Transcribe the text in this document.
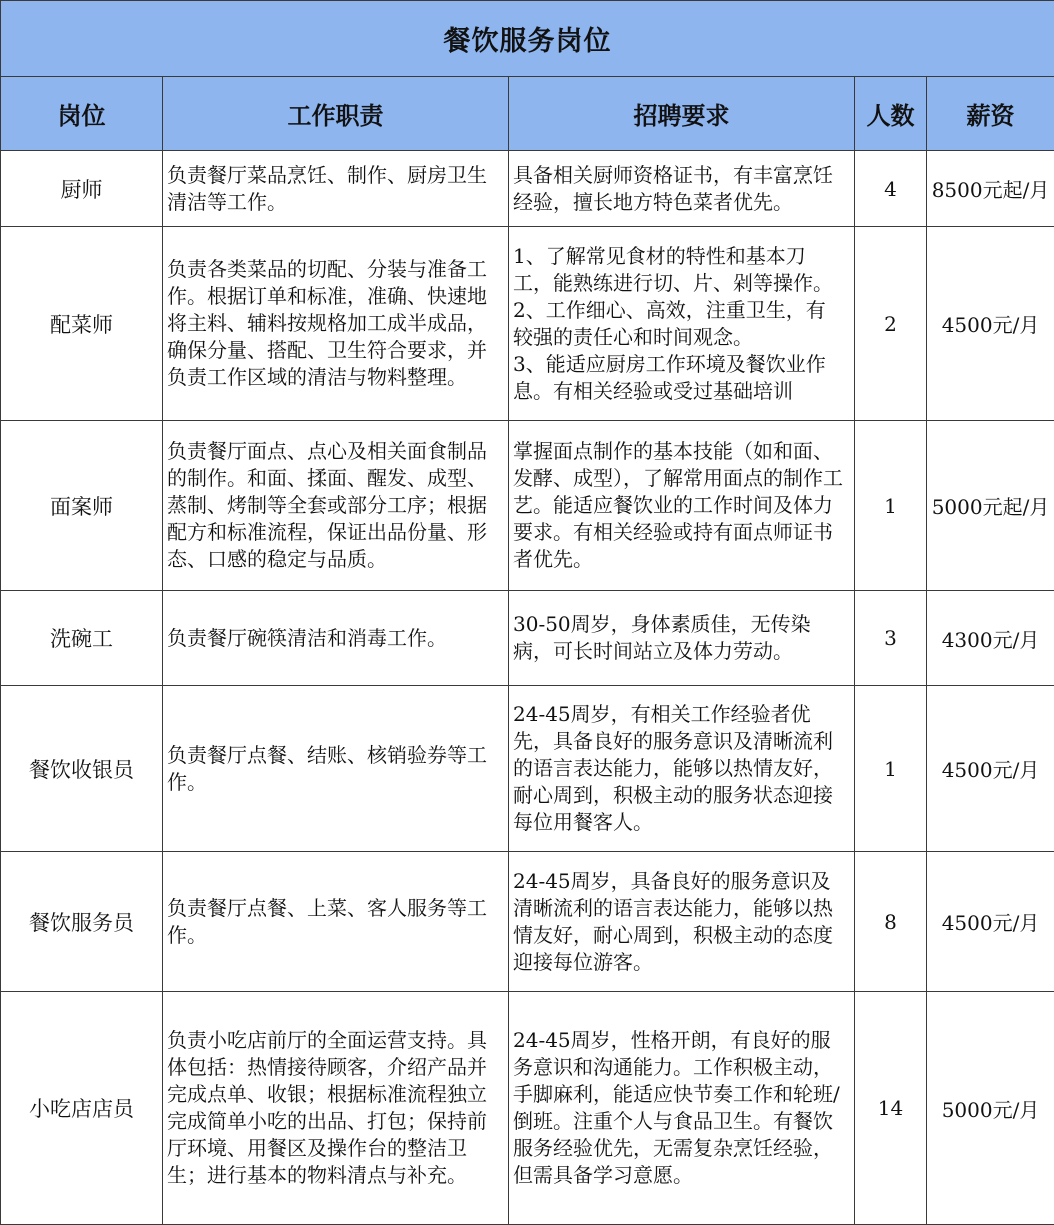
餐饮服务岗位				
岗位	工作职责	招聘要求	人数	薪资
厨师	负责餐厅菜品烹饪、制作、厨房卫生清洁等工作。	具备相关厨师资格证书，有丰富烹饪经验，擅长地方特色菜者优先。	4	8500元起/月
配菜师	负责各类菜品的切配、分装与准备工作。根据订单和标准，准确、快速地将主料、辅料按规格加工成半成品，确保分量、搭配、卫生符合要求，并负责工作区域的清洁与物料整理。	1、了解常见食材的特性和基本刀工，能熟练进行切、片、剁等操作。
2、工作细心、高效，注重卫生，有较强的责任心和时间观念。
3、能适应厨房工作环境及餐饮业作息。有相关经验或受过基础培训	2	4500元/月
面案师	负责餐厅面点、点心及相关面食制品的制作。和面、揉面、醒发、成型、蒸制、烤制等全套或部分工序；根据配方和标准流程，保证出品份量、形态、口感的稳定与品质。	掌握面点制作的基本技能（如和面、发酵、成型），了解常用面点的制作工艺。能适应餐饮业的工作时间及体力要求。有相关经验或持有面点师证书者优先。	1	5000元起/月
洗碗工	负责餐厅碗筷清洁和消毒工作。	30-50周岁，身体素质佳，无传染病，可长时间站立及体力劳动。	3	4300元/月
餐饮收银员	负责餐厅点餐、结账、核销验券等工作。	24-45周岁，有相关工作经验者优先，具备良好的服务意识及清晰流利的语言表达能力，能够以热情友好，耐心周到，积极主动的服务状态迎接每位用餐客人。	1	4500元/月
餐饮服务员	负责餐厅点餐、上菜、客人服务等工作。	24-45周岁，具备良好的服务意识及清晰流利的语言表达能力，能够以热情友好，耐心周到，积极主动的态度迎接每位游客。	8	4500元/月
小吃店店员	负责小吃店前厅的全面运营支持。具体包括：热情接待顾客，介绍产品并完成点单、收银；根据标准流程独立完成简单小吃的出品、打包；保持前厅环境、用餐区及操作台的整洁卫生；进行基本的物料清点与补充。	24-45周岁，性格开朗，有良好的服务意识和沟通能力。工作积极主动，手脚麻利，能适应快节奏工作和轮班/倒班。注重个人与食品卫生。有餐饮服务经验优先，无需复杂烹饪经验，但需具备学习意愿。	14	5000元/月
